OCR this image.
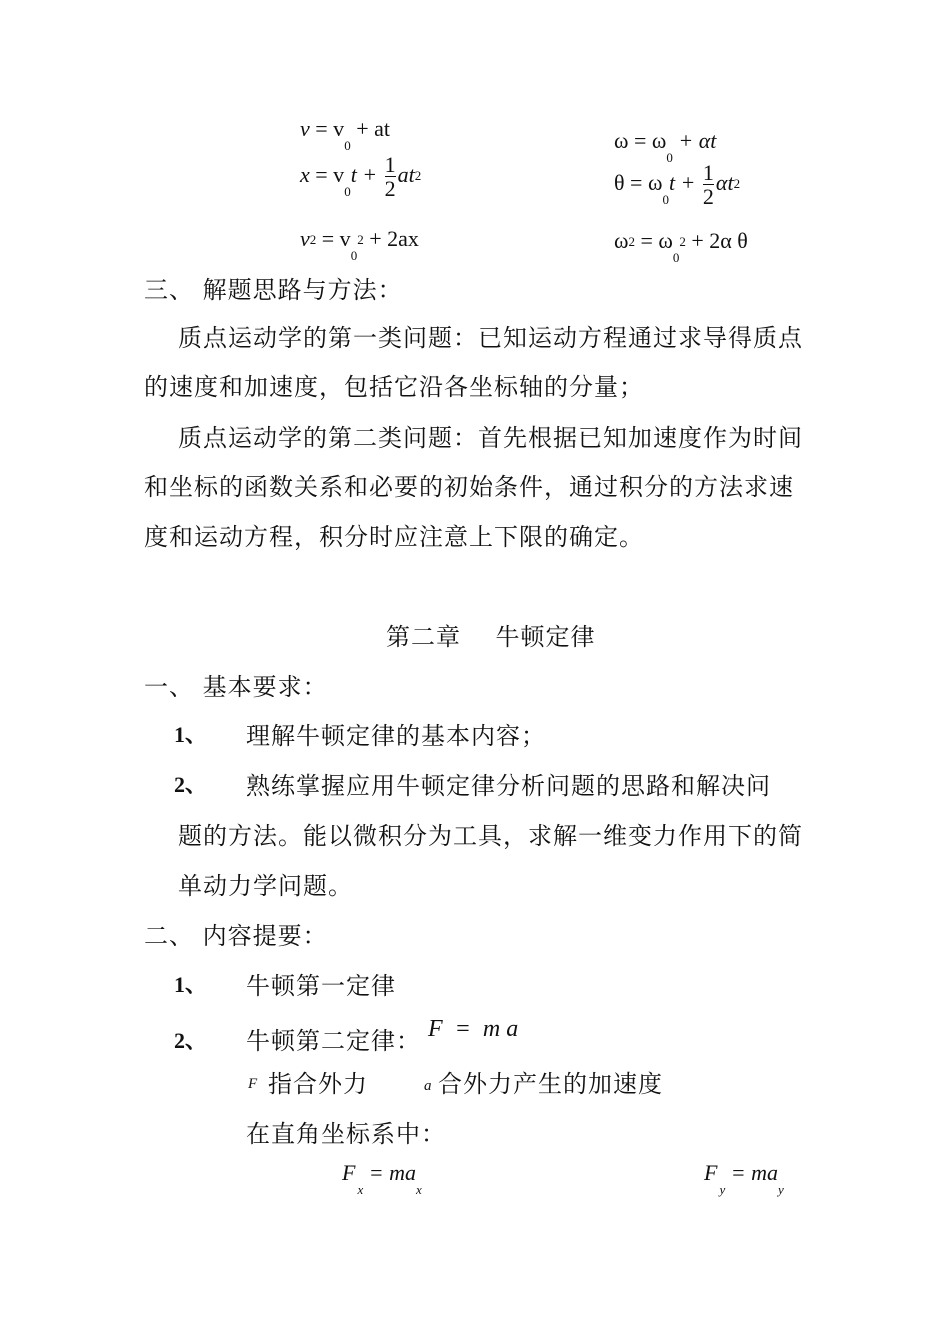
$v = v_0$ + at
$x = v_0t + \frac{1}{2} at2$
$v2 = v_02 + 2ax$
$\omega = \omega_0 + \alpha t$
$\theta = \omega_0t + \frac{1}{2} \alpha t2$
$\omega 2 = \omega_02 + 2\alpha$ θ
三、 解题思路与方法：
质点运动学的第一类问题：已知运动方程通过求导得质点
的速度和加速度，包括它沿各坐标轴的分量；
质点运动学的第二类问题：首先根据已知加速度作为时间
和坐标的函数关系和必要的初始条件，通过积分的方法求速
度和运动方程，积分时应注意上下限的确定。
第二章    牛顿定律
一、 基本要求：
1、 理解牛顿定律的基本内容；
2、 熟练掌握应用牛顿定律分析问题的思路和解决问
题的方法。能以微积分为工具，求解一维变力作用下的简
单动力学问题。
二、 内容提要：
1、 牛顿第一定律
2、 牛顿第二定律： F  =  m a
F 指合外力	a 合外力产生的加速度
在直角坐标系中：
$F_x = ma_x$
$F_y = ma_y$
